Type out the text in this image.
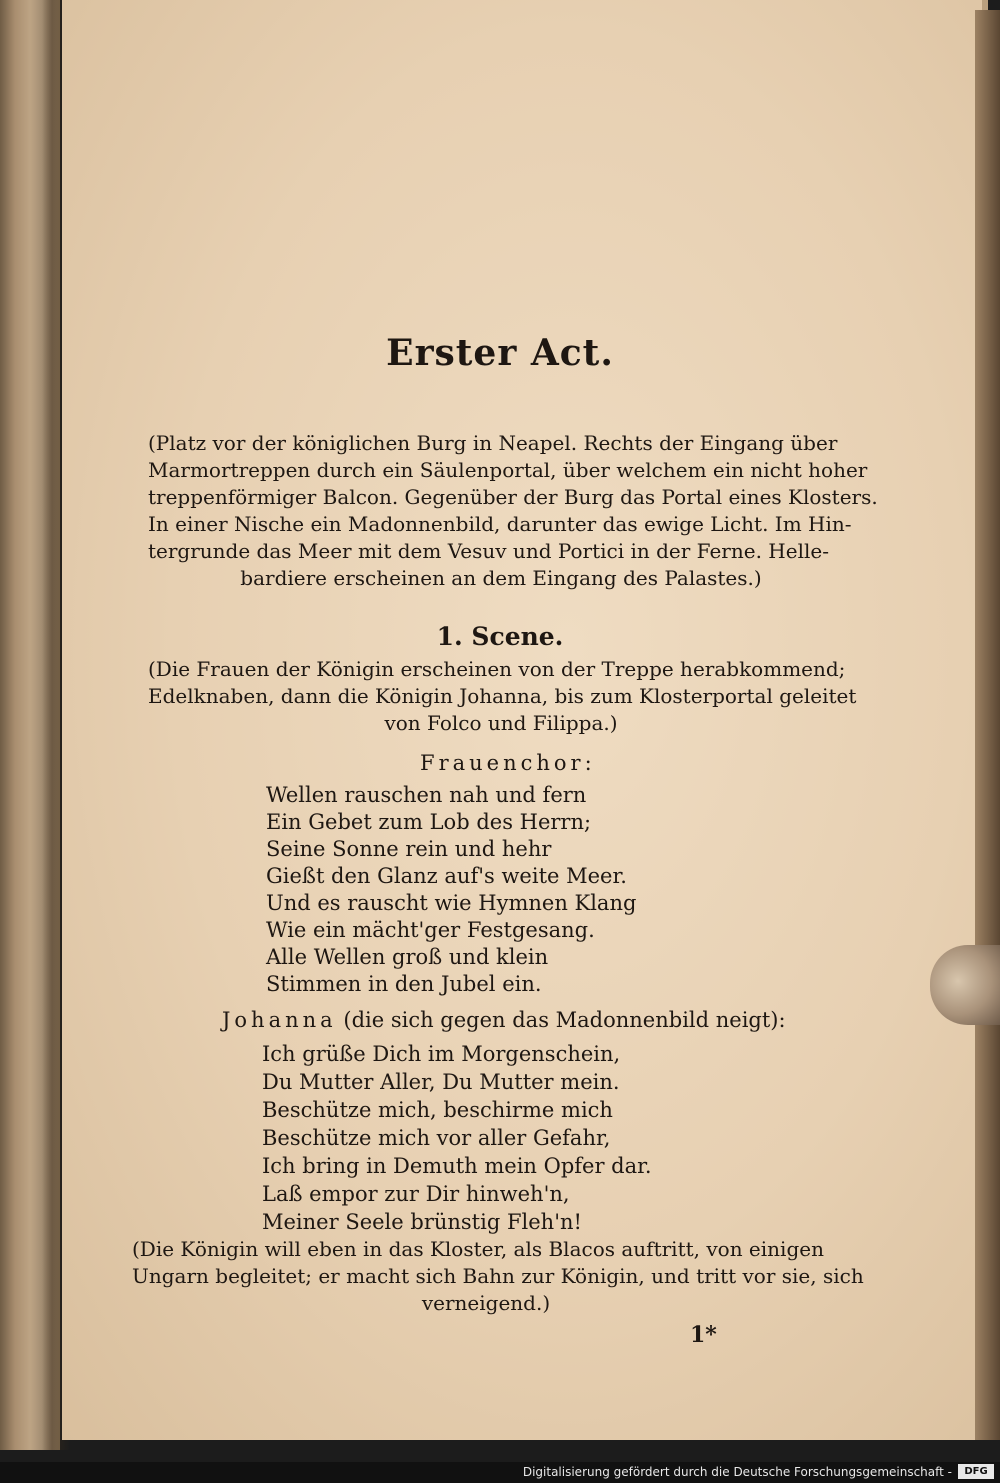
Erster Act.
(Platz vor der königlichen Burg in Neapel. Rechts der Eingang über
Marmortreppen durch ein Säulenportal, über welchem ein nicht hoher
treppenförmiger Balcon. Gegenüber der Burg das Portal eines Klosters.
In einer Nische ein Madonnenbild, darunter das ewige Licht. Im Hin-
tergrunde das Meer mit dem Vesuv und Portici in der Ferne. Helle-
bardiere erscheinen an dem Eingang des Palastes.)
1. Scene.
(Die Frauen der Königin erscheinen von der Treppe herabkommend;
Edelknaben, dann die Königin Johanna, bis zum Klosterportal geleitet
von Folco und Filippa.)
Frauenchor:
Wellen rauschen nah und fern
Ein Gebet zum Lob des Herrn;
Seine Sonne rein und hehr
Gießt den Glanz auf's weite Meer.
Und es rauscht wie Hymnen Klang
Wie ein mächt'ger Festgesang.
Alle Wellen groß und klein
Stimmen in den Jubel ein.
Johanna (die sich gegen das Madonnenbild neigt):
Ich grüße Dich im Morgenschein,
Du Mutter Aller, Du Mutter mein.
Beschütze mich, beschirme mich
Beschütze mich vor aller Gefahr,
Ich bring in Demuth mein Opfer dar.
Laß empor zur Dir hinweh'n,
Meiner Seele brünstig Fleh'n!
(Die Königin will eben in das Kloster, als Blacos auftritt, von einigen
Ungarn begleitet; er macht sich Bahn zur Königin, und tritt vor sie, sich
verneigend.)
1*
Digitalisierung gefördert durch die Deutsche Forschungsgemeinschaft -	DFG
